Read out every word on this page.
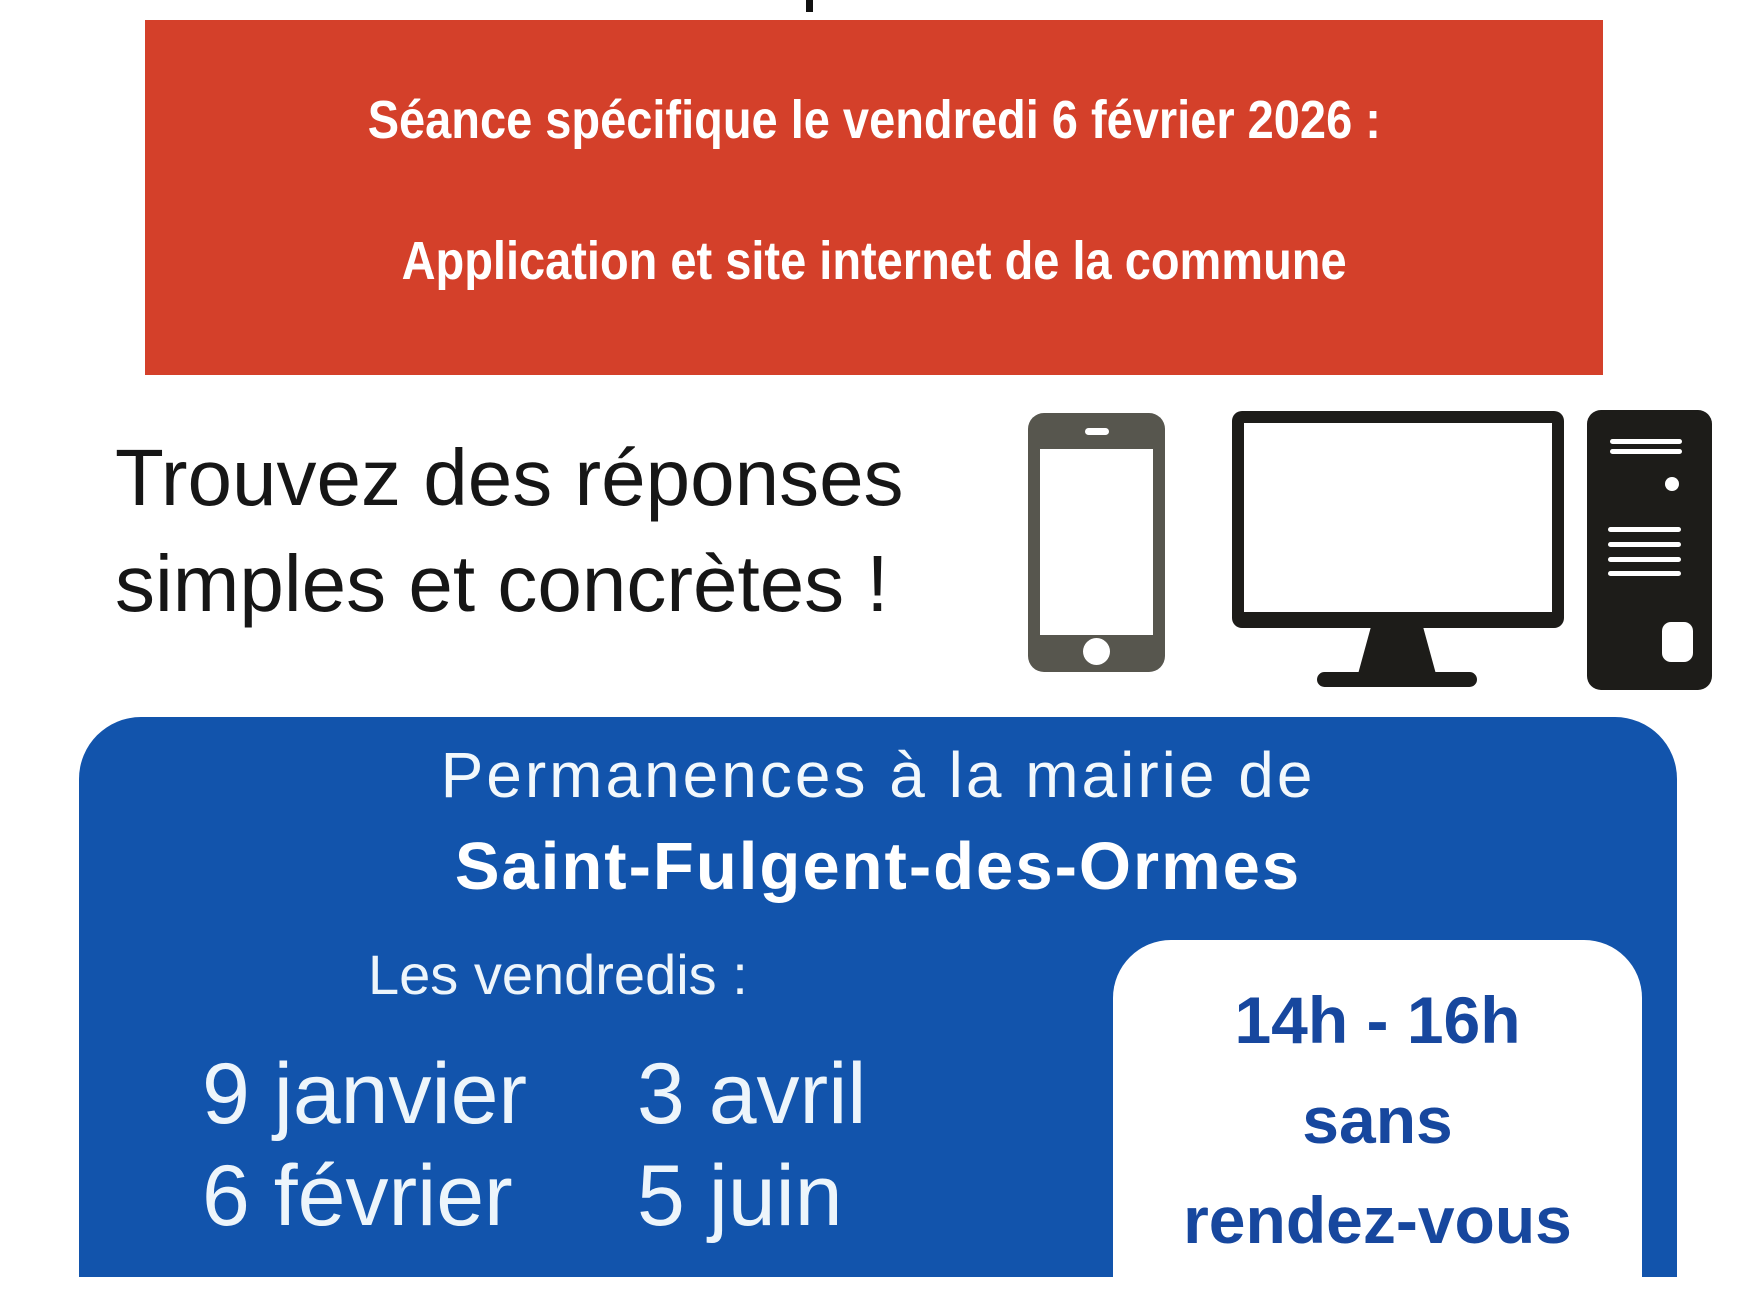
Séance spécifique le vendredi 6 février 2026 :
Application et site internet de la commune
Trouvez des réponses
simples et concrètes !
Permanences à la mairie de
Saint-Fulgent-des-Ormes
Les vendredis :
9 janvier
6 février
3 avril
5 juin
14h - 16h
sans
rendez-vous
